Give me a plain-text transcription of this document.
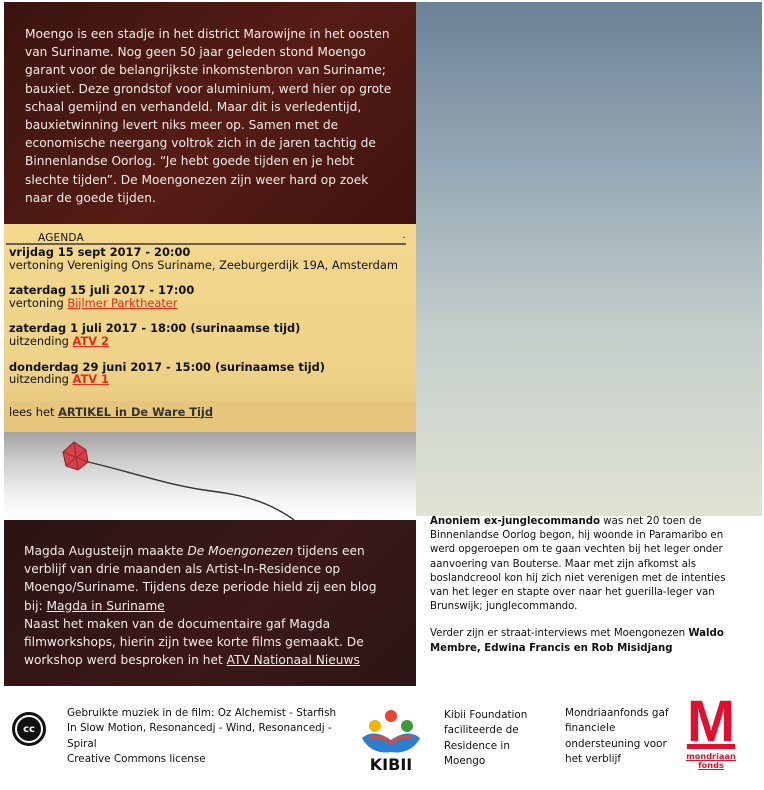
Moengo is een stadje in het district Marowijne in het oosten van Suriname. Nog geen 50 jaar geleden stond Moengo garant voor de belangrijkste inkomstenbron van Suriname; bauxiet. Deze grondstof voor aluminium, werd hier op grote schaal gemijnd en verhandeld. Maar dit is verledentijd, bauxietwinning levert niks meer op. Samen met de economische neergang voltrok zich in de jaren tachtig de Binnenlandse Oorlog. “Je hebt goede tijden en je hebt slechte tijden”. De Moengonezen zijn weer hard op zoek naar de goede tijden.

AGENDA	.
vrijdag 15 sept 2017 - 20:00
vertoning Vereniging Ons Suriname, Zeeburgerdijk 19A, Amsterdam
zaterdag 15 juli 2017 - 17:00
vertoning Bijlmer Parktheater
zaterdag 1 juli 2017 - 18:00 (surinaamse tijd)
uitzending ATV 2
donderdag 29 juni 2017 - 15:00 (surinaamse tijd)
uitzending ATV 1
lees het ARTIKEL in De Ware Tijd

Magda Augusteijn maakte De Moengonezen tijdens een verblijf van drie maanden als Artist-In-Residence op Moengo/Suriname. Tijdens deze periode hield zij een blog bij: Magda in Suriname
Naast het maken van de documentaire gaf Magda filmworkshops, hierin zijn twee korte films gemaakt. De workshop werd besproken in het ATV Nationaal Nieuws

Anoniem ex-junglecommando was net 20 toen de Binnenlandse Oorlog begon, hij woonde in Paramaribo en werd opgeroepen om te gaan vechten bij het leger onder aanvoering van Bouterse. Maar met zijn afkomst als boslandcreool kon hij zich niet verenigen met de intenties van het leger en stapte over naar het guerilla-leger van Brunswijk; junglecommando.

Verder zijn er straat-interviews met Moengonezen Waldo Membre, Edwina Francis en Rob Misidjang

cc
Gebruikte muziek in de film: Oz Alchemist - Starfish In Slow Motion, Resonancedj - Wind, Resonancedj - Spiral
Creative Commons license	KIBII
Kibii Foundation faciliteerde de Residence in Moengo
Mondriaanfonds gaf financiele ondersteuning voor het verblijf
M
mondriaan
fonds
